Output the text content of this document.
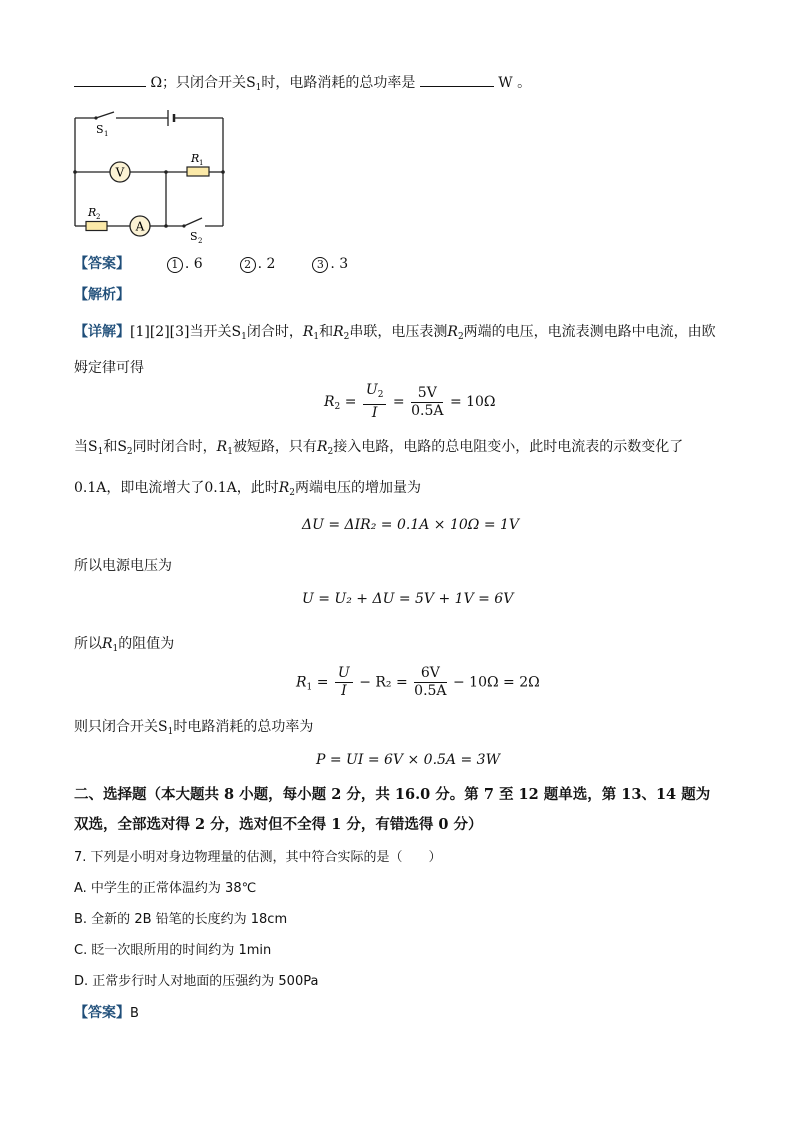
Ω；只闭合开关$S_1$时，电路消耗的总功率是	W 。
V
A
S 1
R 1
R 2
S 2
【答案】	1 . 6	2 . 2	3 . 3
【解析】
【详解】[1][2][3]当开关$S_1$闭合时，$R_1$和$R_2$串联，电压表测$R_2$两端的电压，电流表测电路中电流，由欧
姆定律可得
$R_2 = \frac{U_2}{I} = \frac{5V}{0.5A} = 10\Omega$
当$S_1$和$S_2$同时闭合时，$R_1$被短路，只有$R_2$接入电路，电路的总电阻变小，此时电流表的示数变化了
0.1A，即电流增大了0.1A，此时$R_2$两端电压的增加量为
ΔU = ΔIR₂ = 0.1A × 10Ω = 1V
所以电源电压为
U = U₂ + ΔU = 5V + 1V = 6V
所以$R_1$的阻值为
$R_1 = \frac{U}{I} - R_2 = \frac{6V}{0.5A} - 10\Omega = 2\Omega$
则只闭合开关$S_1$时电路消耗的总功率为
P = UI = 6V × 0.5A = 3W
二、选择题（本大题共 8 小题，每小题 2 分，共 16.0 分。第 7 至 12 题单选，第 13、14 题为
双选，全部选对得 2 分，选对但不全得 1 分，有错选得 0 分）
7. 下列是小明对身边物理量的估测，其中符合实际的是（　　）
A. 中学生的正常体温约为 38℃
B. 全新的 2B 铅笔的长度约为 18cm
C. 眨一次眼所用的时间约为 1min
D. 正常步行时人对地面的压强约为 500Pa
【答案】B
